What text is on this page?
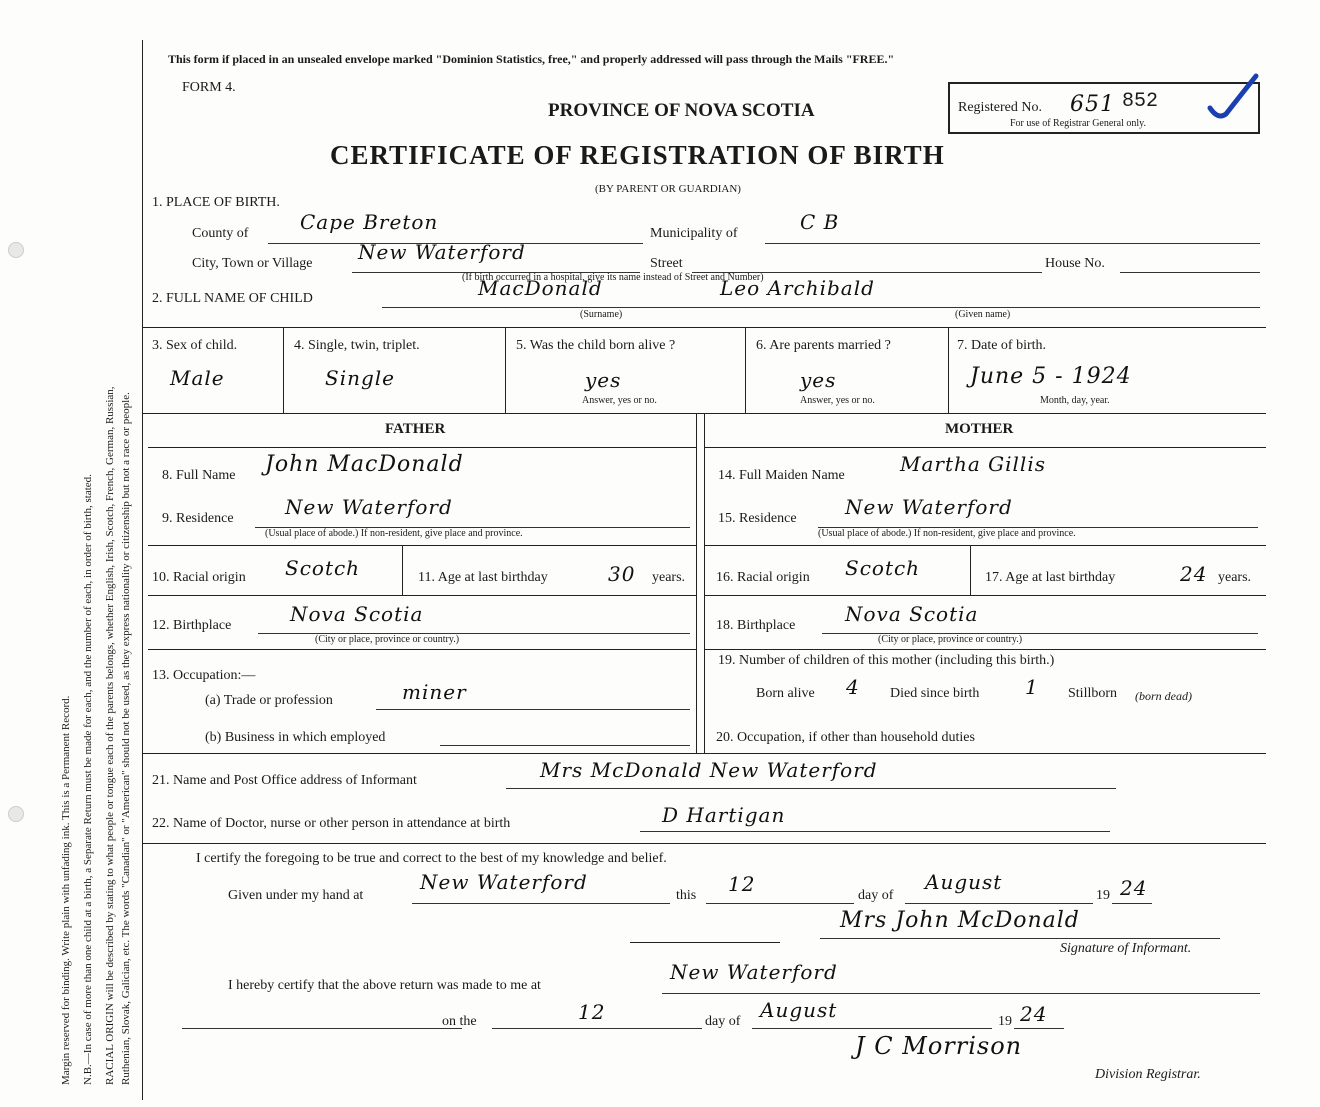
Margin reserved for binding. Write plain with unfading ink. This is a Permanent Record. N.B.—In case of more than one child at a birth, a Separate Return must be made for each, and the number of each, in order of birth, stated. RACIAL ORIGIN will be described by stating to what people or tongue each of the parents belongs, whether English, Irish, Scotch, French, German, Russian, Ruthenian, Slovak, Galician, etc. The words "Canadian" or "American" should not be used, as they express nationality or citizenship but not a race or people.
This form if placed in an unsealed envelope marked "Dominion Statistics, free," and properly addressed will pass through the Mails "FREE."
FORM 4.
PROVINCE OF NOVA SCOTIA	Registered No. 651 852
For use of Registrar General only.
CERTIFICATE OF REGISTRATION OF BIRTH
(BY PARENT OR GUARDIAN)
1. PLACE OF BIRTH.
County of	Cape Breton	Municipality of	C B
City, Town or Village New Waterford	Street	House No.
(If birth occurred in a hospital, give its name instead of Street and Number)
2. FULL NAME OF CHILD	MacDonald	Leo Archibald
(Surname)	(Given name)
3. Sex of child.
Male
4. Single, twin, triplet.
Single
5. Was the child born alive ?
yes
Answer, yes or no.
6. Are parents married ?
yes
Answer, yes or no.
7. Date of birth.
June 5 - 1924
Month, day, year.
FATHER	MOTHER
8. Full Name John MacDonald
9. Residence	New Waterford
(Usual place of abode.) If non-resident, give place and province.
10. Racial origin Scotch	11. Age at last birthday	30 years.
12. Birthplace	Nova Scotia
(City or place, province or country.)
13. Occupation:—
(a) Trade or profession	miner
(b) Business in which employed
14. Full Maiden Name	Martha Gillis
15. Residence New Waterford
(Usual place of abode.) If non-resident, give place and province.
16. Racial origin Scotch	17. Age at last birthday	24 years.
18. Birthplace Nova Scotia
(City or place, province or country.)
19. Number of children of this mother (including this birth.)
Born alive 4 Died since birth 1 Stillborn (born dead)
20. Occupation, if other than household duties
21. Name and Post Office address of Informant	Mrs McDonald New Waterford
22. Name of Doctor, nurse or other person in attendance at birth	D Hartigan
I certify the foregoing to be true and correct to the best of my knowledge and belief.
Given under my hand at
New Waterford
this 12	day of
August
19 24
Mrs John McDonald
Signature of Informant.
I hereby certify that the above return was made to me at
New Waterford
on the	12	day of August	19 24
J C Morrison
Division Registrar.
